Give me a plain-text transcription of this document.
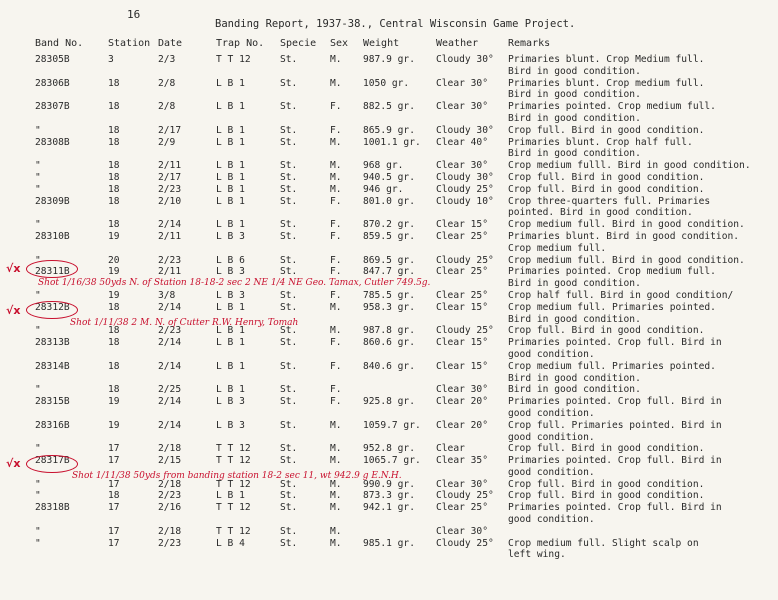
16
Banding Report, 1937-38., Central Wisconsin Game Project.
Band No. Station Date	Trap No. Specie Sex Weight	Weather	Remarks
28305B	3	2/3	T T 12	St.	M. 987.9 gr. Cloudy 30° Primaries blunt. Crop Medium full.
Bird in good condition.
28306B	18	2/8	L B 1	St.	M. 1050 gr.	Clear 30° Primaries blunt. Crop medium full.
Bird in good condition.
28307B	18	2/8	L B 1	St.	F. 882.5 gr. Clear 30° Primaries pointed. Crop medium full.
Bird in good condition.
"	18	2/17	L B 1	St.	F. 865.9 gr. Cloudy 30° Crop full. Bird in good condition.
28308B	18	2/9	L B 1	St.	M. 1001.1 gr. Clear 40° Primaries blunt. Crop half full.
Bird in good condition.
"	18	2/11	L B 1	St.	M. 968 gr.	Clear 30° Crop medium fulll. Bird in good condition.
"	18	2/17	L B 1	St.	M. 940.5 gr. Cloudy 30° Crop full. Bird in good condition.
"	18	2/23	L B 1	St.	M. 946 gr.	Cloudy 25° Crop full. Bird in good condition.
28309B	18	2/10	L B 1	St.	F. 801.0 gr. Cloudy 10° Crop three-quarters full. Primaries
pointed. Bird in good condition.
"	18	2/14	L B 1	St.	F. 870.2 gr. Clear 15° Crop medium full. Bird in good condition.
28310B	19	2/11	L B 3	St.	F. 859.5 gr. Clear 25° Primaries blunt. Bird in good condition.
Crop medium full.
"	20	2/23	L B 6	St.	F. 869.5 gr. Cloudy 25° Crop medium full. Bird in good condition.
28311B	19	2/11	L B 3	St.	F. 847.7 gr. Clear 25° Primaries pointed. Crop medium full.
Bird in good condition.
"	19	3/8	L B 3	St.	F. 785.5 gr. Clear 25° Crop half full. Bird in good condition/
28312B	18	2/14	L B 1	St.	M. 958.3 gr. Clear 15° Crop medium full. Primaries pointed.
Bird in good condition.
"	18	2/23	L B 1	St.	M. 987.8 gr. Cloudy 25° Crop full. Bird in good condition.
28313B	18	2/14	L B 1	St.	F. 860.6 gr. Clear 15° Primaries pointed. Crop full. Bird in
good condition.
28314B	18	2/14	L B 1	St.	F. 840.6 gr. Clear 15° Crop medium full. Primaries pointed.
Bird in good condition.
"	18	2/25	L B 1	St.	F.	Clear 30° Bird in good condition.
28315B	19	2/14	L B 3	St.	F. 925.8 gr. Clear 20° Primaries pointed. Crop full. Bird in
good condition.
28316B	19	2/14	L B 3	St.	M. 1059.7 gr. Clear 20° Crop full. Primaries pointed. Bird in
good condition.
"	17	2/18	T T 12	St.	M. 952.8 gr. Clear	Crop full. Bird in good condition.
28317B	17	2/15	T T 12	St.	M. 1065.7 gr. Clear 35° Primaries pointed. Crop full. Bird in
good condition.
"	17	2/18	T T 12	St.	M. 990.9 gr. Clear 30° Crop full. Bird in good condition.
"	18	2/23	L B 1	St.	M. 873.3 gr. Cloudy 25° Crop full. Bird in good condition.
28318B	17	2/16	T T 12	St.	M. 942.1 gr. Clear 25° Primaries pointed. Crop full. Bird in
good condition.
"	17	2/18	T T 12	St.	M.	Clear 30°
"	17	2/23	L B 4	St.	M. 985.1 gr. Cloudy 25° Crop medium full. Slight scalp on
left wing.
√x
Shot 1/16/38 50yds N. of Station 18-18-2 sec 2 NE 1/4 NE Geo. Tamax, Cutler 749.5g.
√x
Shot 1/11/38 2 M. N. of Cutter R.W. Henry, Tomah
√x
Shot 1/11/38 50yds from banding station 18-2 sec 11, wt 942.9 g E.N.H.
